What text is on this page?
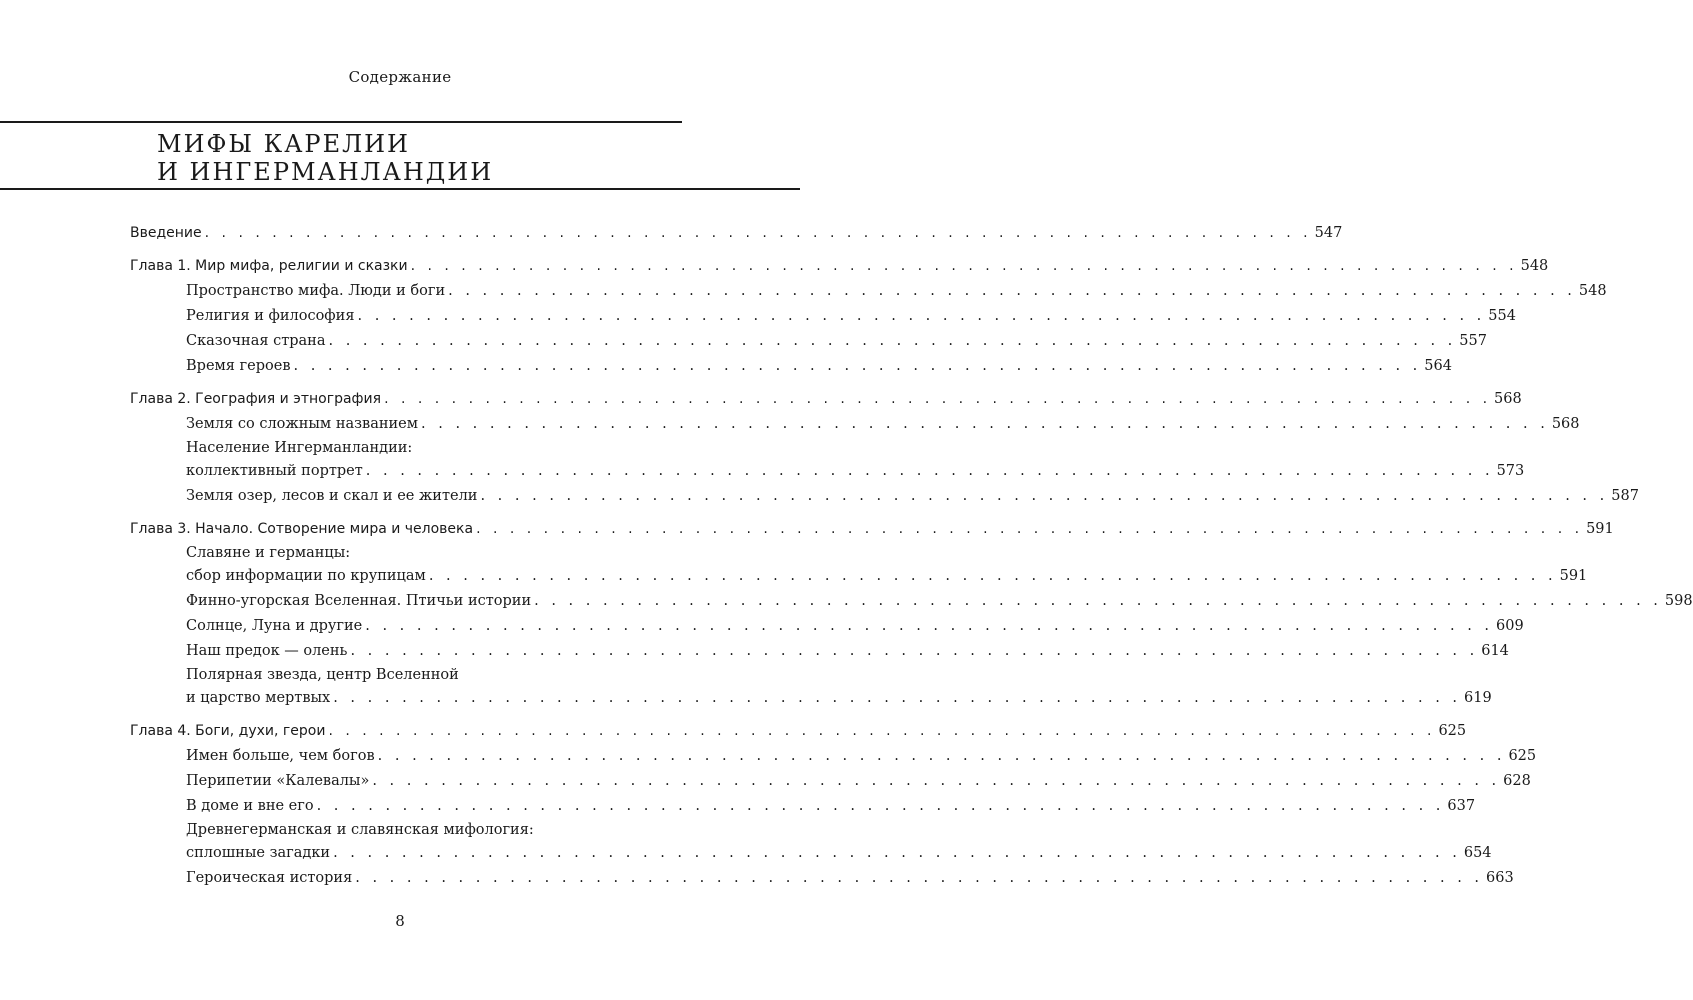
Содержание
МИФЫ КАРЕЛИИ
И ИНГЕРМАНЛАНДИИ
Введение . . . . . . . . . . . . . . . . . . . . . . . . . . . . . . . . . . . . . . . . . . . . . . . . . . . . . . . . . . . . . . . . . . 547
Глава 1. Мир мифа, религии и сказки . . . . . . . . . . . . . . . . . . . . . . . . . . . . . . . . . . . . . . . . . . . . . . . . . . . . . . . . . . . . . . . . . . 548
Пространство мифа. Люди и боги . . . . . . . . . . . . . . . . . . . . . . . . . . . . . . . . . . . . . . . . . . . . . . . . . . . . . . . . . . . . . . . . . . 548
Религия и философия . . . . . . . . . . . . . . . . . . . . . . . . . . . . . . . . . . . . . . . . . . . . . . . . . . . . . . . . . . . . . . . . . . 554
Сказочная страна . . . . . . . . . . . . . . . . . . . . . . . . . . . . . . . . . . . . . . . . . . . . . . . . . . . . . . . . . . . . . . . . . . 557
Время героев . . . . . . . . . . . . . . . . . . . . . . . . . . . . . . . . . . . . . . . . . . . . . . . . . . . . . . . . . . . . . . . . . . 564
Глава 2. География и этнография . . . . . . . . . . . . . . . . . . . . . . . . . . . . . . . . . . . . . . . . . . . . . . . . . . . . . . . . . . . . . . . . . . 568
Земля со сложным названием . . . . . . . . . . . . . . . . . . . . . . . . . . . . . . . . . . . . . . . . . . . . . . . . . . . . . . . . . . . . . . . . . . 568
Население Ингерманландии:
коллективный портрет . . . . . . . . . . . . . . . . . . . . . . . . . . . . . . . . . . . . . . . . . . . . . . . . . . . . . . . . . . . . . . . . . . 573
Земля озер, лесов и скал и ее жители . . . . . . . . . . . . . . . . . . . . . . . . . . . . . . . . . . . . . . . . . . . . . . . . . . . . . . . . . . . . . . . . . . 587
Глава 3. Начало. Сотворение мира и человека . . . . . . . . . . . . . . . . . . . . . . . . . . . . . . . . . . . . . . . . . . . . . . . . . . . . . . . . . . . . . . . . . . 591
Славяне и германцы:
сбор информации по крупицам . . . . . . . . . . . . . . . . . . . . . . . . . . . . . . . . . . . . . . . . . . . . . . . . . . . . . . . . . . . . . . . . . . 591
Финно-угорская Вселенная. Птичьи истории . . . . . . . . . . . . . . . . . . . . . . . . . . . . . . . . . . . . . . . . . . . . . . . . . . . . . . . . . . . . . . . . . . 598
Солнце, Луна и другие . . . . . . . . . . . . . . . . . . . . . . . . . . . . . . . . . . . . . . . . . . . . . . . . . . . . . . . . . . . . . . . . . . 609
Наш предок — олень . . . . . . . . . . . . . . . . . . . . . . . . . . . . . . . . . . . . . . . . . . . . . . . . . . . . . . . . . . . . . . . . . . 614
Полярная звезда, центр Вселенной
и царство мертвых . . . . . . . . . . . . . . . . . . . . . . . . . . . . . . . . . . . . . . . . . . . . . . . . . . . . . . . . . . . . . . . . . . 619
Глава 4. Боги, духи, герои . . . . . . . . . . . . . . . . . . . . . . . . . . . . . . . . . . . . . . . . . . . . . . . . . . . . . . . . . . . . . . . . . . 625
Имен больше, чем богов . . . . . . . . . . . . . . . . . . . . . . . . . . . . . . . . . . . . . . . . . . . . . . . . . . . . . . . . . . . . . . . . . . 625
Перипетии «Калевалы» . . . . . . . . . . . . . . . . . . . . . . . . . . . . . . . . . . . . . . . . . . . . . . . . . . . . . . . . . . . . . . . . . . 628
В доме и вне его . . . . . . . . . . . . . . . . . . . . . . . . . . . . . . . . . . . . . . . . . . . . . . . . . . . . . . . . . . . . . . . . . . 637
Древнегерманская и славянская мифология:
сплошные загадки . . . . . . . . . . . . . . . . . . . . . . . . . . . . . . . . . . . . . . . . . . . . . . . . . . . . . . . . . . . . . . . . . . 654
Героическая история . . . . . . . . . . . . . . . . . . . . . . . . . . . . . . . . . . . . . . . . . . . . . . . . . . . . . . . . . . . . . . . . . . 663
8
